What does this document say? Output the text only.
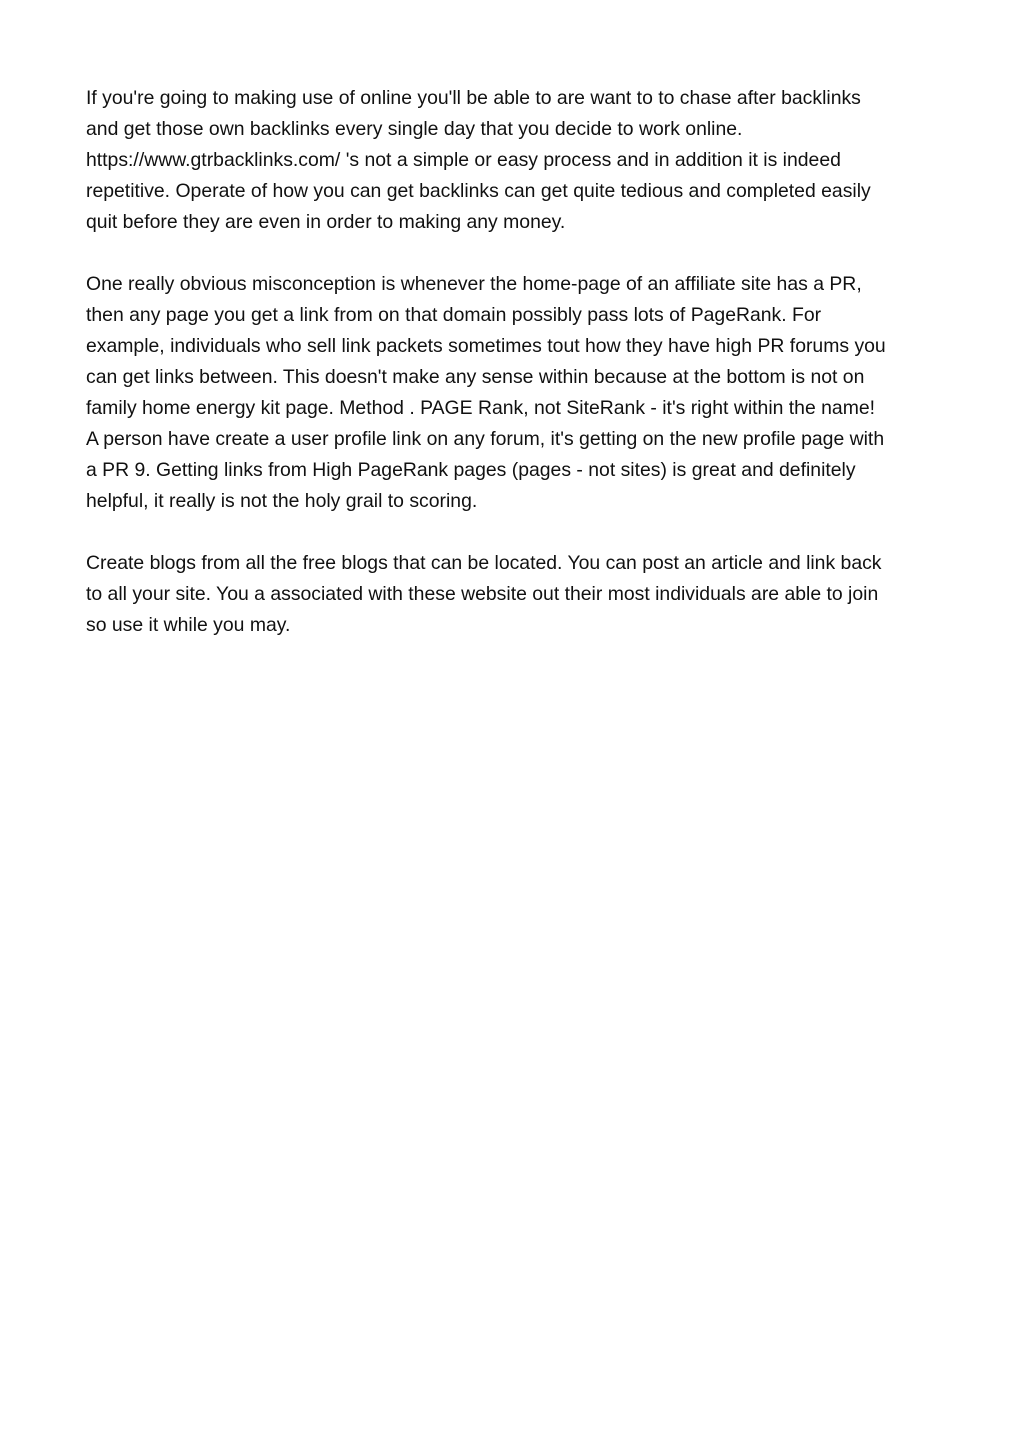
If you're going to making use of online you'll be able to are want to to chase after backlinks
and get those own backlinks every single day that you decide to work online.
https://www.gtrbacklinks.com/ 's not a simple or easy process and in addition it is indeed
repetitive. Operate of how you can get backlinks can get quite tedious and completed easily
quit before they are even in order to making any money.

One really obvious misconception is whenever the home-page of an affiliate site has a PR,
then any page you get a link from on that domain possibly pass lots of PageRank. For
example, individuals who sell link packets sometimes tout how they have high PR forums you
can get links between. This doesn't make any sense within because at the bottom is not on
family home energy kit page. Method . PAGE Rank, not SiteRank - it's right within the name!
A person have create a user profile link on any forum, it's getting on the new profile page with
a PR 9. Getting links from High PageRank pages (pages - not sites) is great and definitely
helpful, it really is not the holy grail to scoring.

Create blogs from all the free blogs that can be located. You can post an article and link back
to all your site. You a associated with these website out their most individuals are able to join
so use it while you may.
